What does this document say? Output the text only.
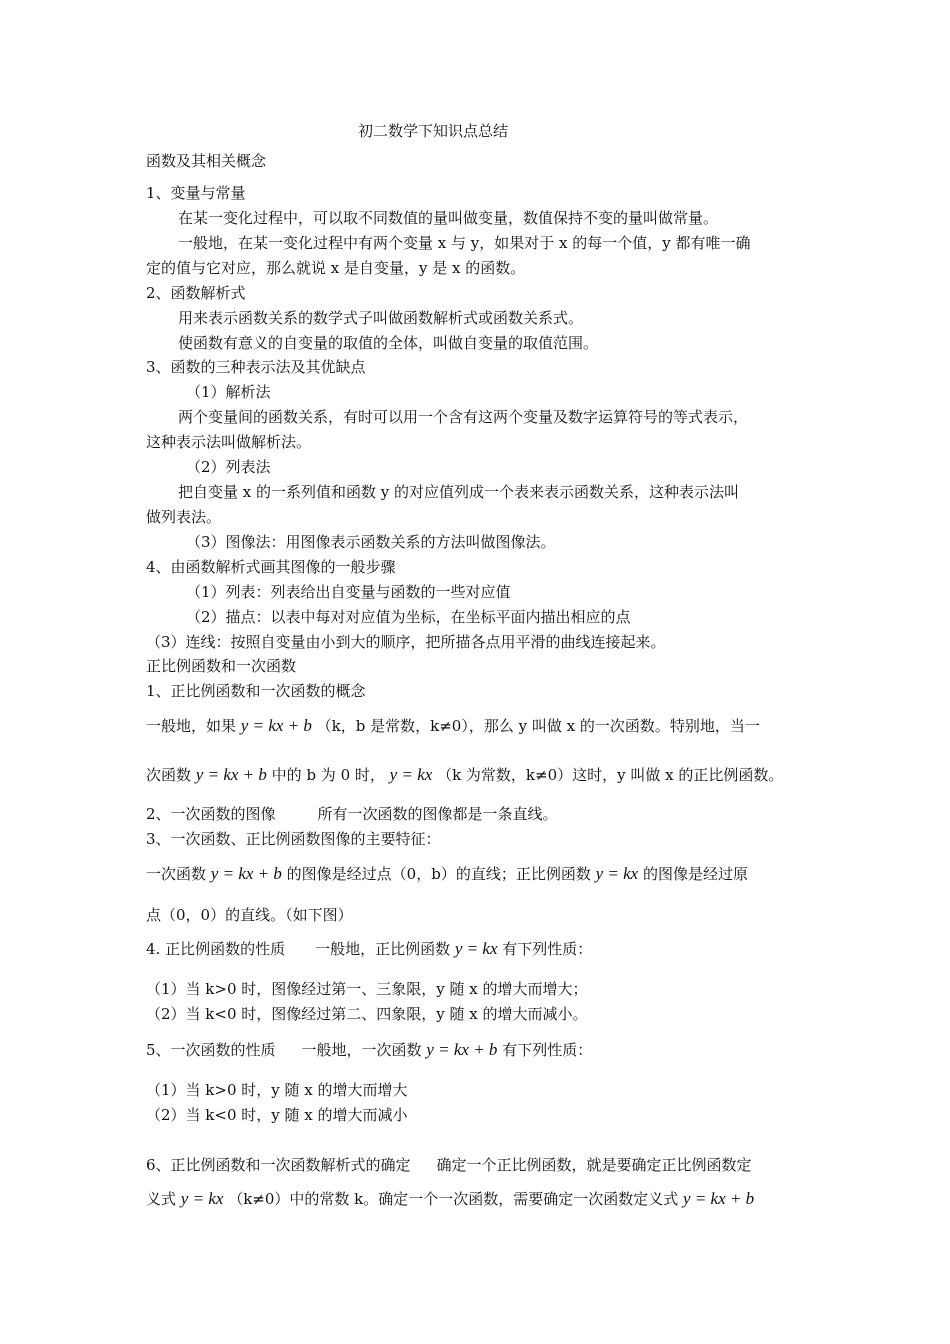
初二数学下知识点总结
函数及其相关概念
1、变量与常量
在某一变化过程中，可以取不同数值的量叫做变量，数值保持不变的量叫做常量。
一般地，在某一变化过程中有两个变量 x 与 y，如果对于 x 的每一个值，y 都有唯一确
定的值与它对应，那么就说 x 是自变量，y 是 x 的函数。
2、函数解析式
用来表示函数关系的数学式子叫做函数解析式或函数关系式。
使函数有意义的自变量的取值的全体，叫做自变量的取值范围。
3、函数的三种表示法及其优缺点
（1）解析法
两个变量间的函数关系，有时可以用一个含有这两个变量及数字运算符号的等式表示，
这种表示法叫做解析法。
（2）列表法
把自变量 x 的一系列值和函数 y 的对应值列成一个表来表示函数关系，这种表示法叫
做列表法。
（3）图像法：用图像表示函数关系的方法叫做图像法。
4、由函数解析式画其图像的一般步骤
（1）列表：列表给出自变量与函数的一些对应值
（2）描点：以表中每对对应值为坐标，在坐标平面内描出相应的点
（3）连线：按照自变量由小到大的顺序，把所描各点用平滑的曲线连接起来。
正比例函数和一次函数
1、正比例函数和一次函数的概念
一般地，如果 y = kx + b （k，b 是常数，k≠0），那么 y 叫做 x 的一次函数。特别地，当一
次函数 y = kx + b 中的 b 为 0 时， y = kx （k 为常数，k≠0）这时，y 叫做 x 的正比例函数。
2、一次函数的图像	所有一次函数的图像都是一条直线。
3、一次函数、正比例函数图像的主要特征：
一次函数 y = kx + b 的图像是经过点（0，b）的直线；正比例函数 y = kx 的图像是经过原
点（0，0）的直线。（如下图）
4. 正比例函数的性质 一般地，正比例函数 y = kx 有下列性质：
（1）当 k>0 时，图像经过第一、三象限，y 随 x 的增大而增大；
（2）当 k<0 时，图像经过第二、四象限，y 随 x 的增大而减小。
5、一次函数的性质 一般地，一次函数 y = kx + b 有下列性质：
（1）当 k>0 时，y 随 x 的增大而增大
（2）当 k<0 时，y 随 x 的增大而减小
6、正比例函数和一次函数解析式的确定 确定一个正比例函数，就是要确定正比例函数定
义式 y = kx （k≠0）中的常数 k。确定一个一次函数，需要确定一次函数定义式 y = kx + b
